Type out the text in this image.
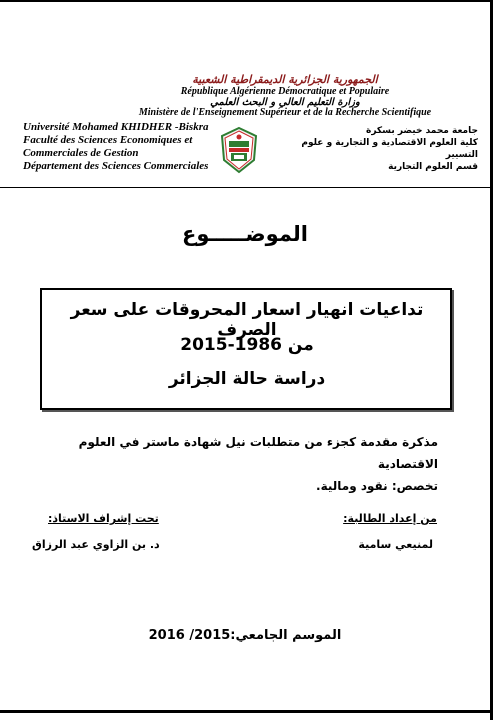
الجمهورية الجزائرية الديمقراطية الشعبية
République Algérienne Démocratique et Populaire
وزارة التعليم العالي و البحث العلمي
Ministère de l'Enseignement Supérieur et de la Recherche Scientifique
Université Mohamed KHIDHER -Biskra
Faculté des Sciences Economiques et
Commerciales de Gestion
Département des Sciences Commerciales
جامعة محمد خيضر بسكرة
كلية العلوم الاقتصادية و التجارية و علوم التسيير
قسم العلوم التجارية
الموضـــــوع
تداعيات انهيار اسعار المحروقات على سعر الصرف
من 1986-2015
دراسة حالة الجزائر
مذكرة مقدمة كجزء من متطلبات نيل شهادة ماستر في العلوم الاقتصادية
تخصص: نقود ومالية.
من إعداد الطالبة:
تحت إشراف الاستاذ:
لمنيعي سامية
د. بن الزاوي عبد الرزاق
الموسم الجامعي:2015/ 2016
